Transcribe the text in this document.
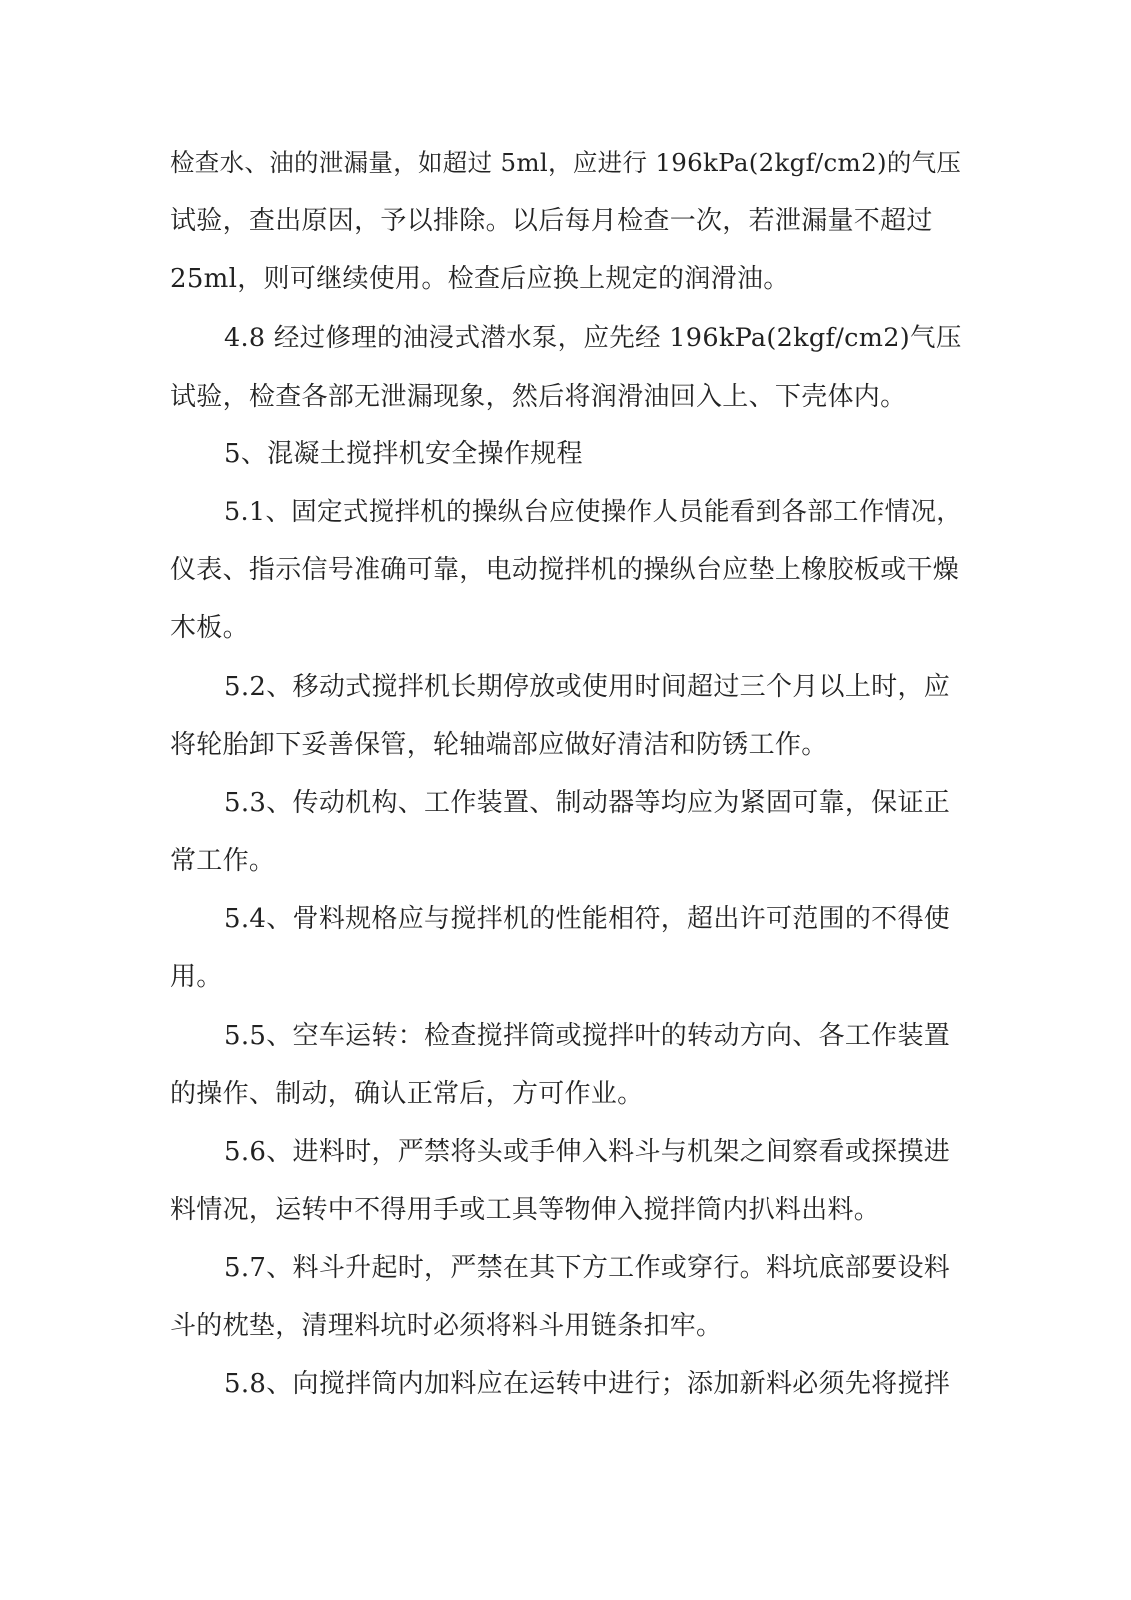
检查水、油的泄漏量，如超过 5ml，应进行 196kPa(2kgf/cm2)的气压
试验，查出原因，予以排除。以后每月检查一次，若泄漏量不超过
25ml，则可继续使用。检查后应换上规定的润滑油。
4.8 经过修理的油浸式潜水泵，应先经 196kPa(2kgf/cm2)气压
试验，检查各部无泄漏现象，然后将润滑油回入上、下壳体内。
5、混凝土搅拌机安全操作规程
5.1、固定式搅拌机的操纵台应使操作人员能看到各部工作情况，
仪表、指示信号准确可靠，电动搅拌机的操纵台应垫上橡胶板或干燥
木板。
5.2、移动式搅拌机长期停放或使用时间超过三个月以上时，应
将轮胎卸下妥善保管，轮轴端部应做好清洁和防锈工作。
5.3、传动机构、工作装置、制动器等均应为紧固可靠，保证正
常工作。
5.4、骨料规格应与搅拌机的性能相符，超出许可范围的不得使
用。
5.5、空车运转：检查搅拌筒或搅拌叶的转动方向、各工作装置
的操作、制动，确认正常后，方可作业。
5.6、进料时，严禁将头或手伸入料斗与机架之间察看或探摸进
料情况，运转中不得用手或工具等物伸入搅拌筒内扒料出料。
5.7、料斗升起时，严禁在其下方工作或穿行。料坑底部要设料
斗的枕垫，清理料坑时必须将料斗用链条扣牢。
5.8、向搅拌筒内加料应在运转中进行；添加新料必须先将搅拌
